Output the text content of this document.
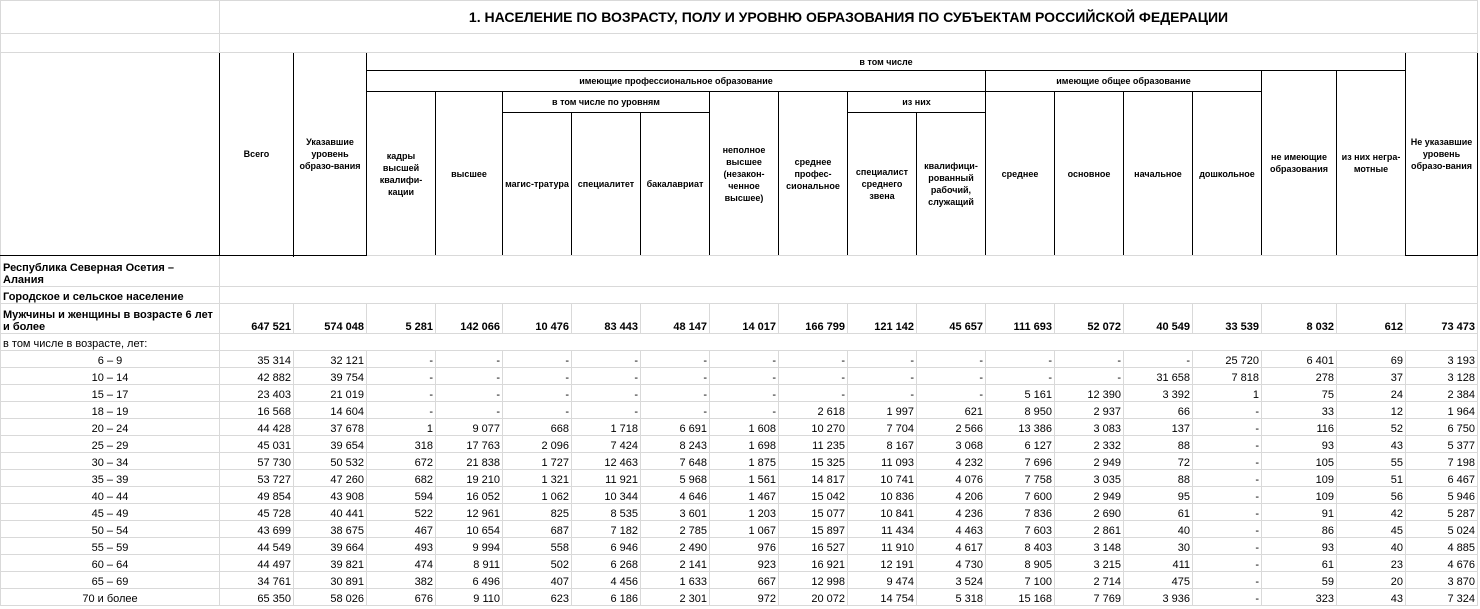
	1. НАСЕЛЕНИЕ ПО ВОЗРАСТУ, ПОЛУ И УРОВНЮ ОБРАЗОВАНИЯ ПО СУБЪЕКТАМ РОССИЙСКОЙ ФЕДЕРАЦИИ																	

	Всего	Указавшие уровень образо-вания	в том числе															Не указавшие уровень образо-вания
			имеющие профессиональное образование									имеющие общее образование				не имеющие образования	из них негра-мотные	
			кадры высшей квалифи-кации	высшее	в том числе по уровням			неполное высшее (незакон-ченное высшее)	среднее профес-сиональное	из них		среднее	основное	начальное	дошкольное			
					магис-тратура	специалитет	бакалавриат			специалист среднего звена	квалифици-рованный рабочий, служащий							

Республика Северная Осетия – Алания																		
Городское и сельское население																		
Мужчины и женщины в возрасте 6 лет и более	647 521	574 048	5 281	142 066	10 476	83 443	48 147	14 017	166 799	121 142	45 657	111 693	52 072	40 549	33 539	8 032	612	73 473
в том числе в возрасте, лет:																		
6 – 9	35 314	32 121	-	-	-	-	-	-	-	-	-	-	-	-	25 720	6 401	69	3 193
10 – 14	42 882	39 754	-	-	-	-	-	-	-	-	-	-	-	31 658	7 818	278	37	3 128
15 – 17	23 403	21 019	-	-	-	-	-	-	-	-	-	5 161	12 390	3 392	1	75	24	2 384
18 – 19	16 568	14 604	-	-	-	-	-	-	2 618	1 997	621	8 950	2 937	66	-	33	12	1 964
20 – 24	44 428	37 678	1	9 077	668	1 718	6 691	1 608	10 270	7 704	2 566	13 386	3 083	137	-	116	52	6 750
25 – 29	45 031	39 654	318	17 763	2 096	7 424	8 243	1 698	11 235	8 167	3 068	6 127	2 332	88	-	93	43	5 377
30 – 34	57 730	50 532	672	21 838	1 727	12 463	7 648	1 875	15 325	11 093	4 232	7 696	2 949	72	-	105	55	7 198
35 – 39	53 727	47 260	682	19 210	1 321	11 921	5 968	1 561	14 817	10 741	4 076	7 758	3 035	88	-	109	51	6 467
40 – 44	49 854	43 908	594	16 052	1 062	10 344	4 646	1 467	15 042	10 836	4 206	7 600	2 949	95	-	109	56	5 946
45 – 49	45 728	40 441	522	12 961	825	8 535	3 601	1 203	15 077	10 841	4 236	7 836	2 690	61	-	91	42	5 287
50 – 54	43 699	38 675	467	10 654	687	7 182	2 785	1 067	15 897	11 434	4 463	7 603	2 861	40	-	86	45	5 024
55 – 59	44 549	39 664	493	9 994	558	6 946	2 490	976	16 527	11 910	4 617	8 403	3 148	30	-	93	40	4 885
60 – 64	44 497	39 821	474	8 911	502	6 268	2 141	923	16 921	12 191	4 730	8 905	3 215	411	-	61	23	4 676
65 – 69	34 761	30 891	382	6 496	407	4 456	1 633	667	12 998	9 474	3 524	7 100	2 714	475	-	59	20	3 870
70 и более	65 350	58 026	676	9 110	623	6 186	2 301	972	20 072	14 754	5 318	15 168	7 769	3 936	-	323	43	7 324
